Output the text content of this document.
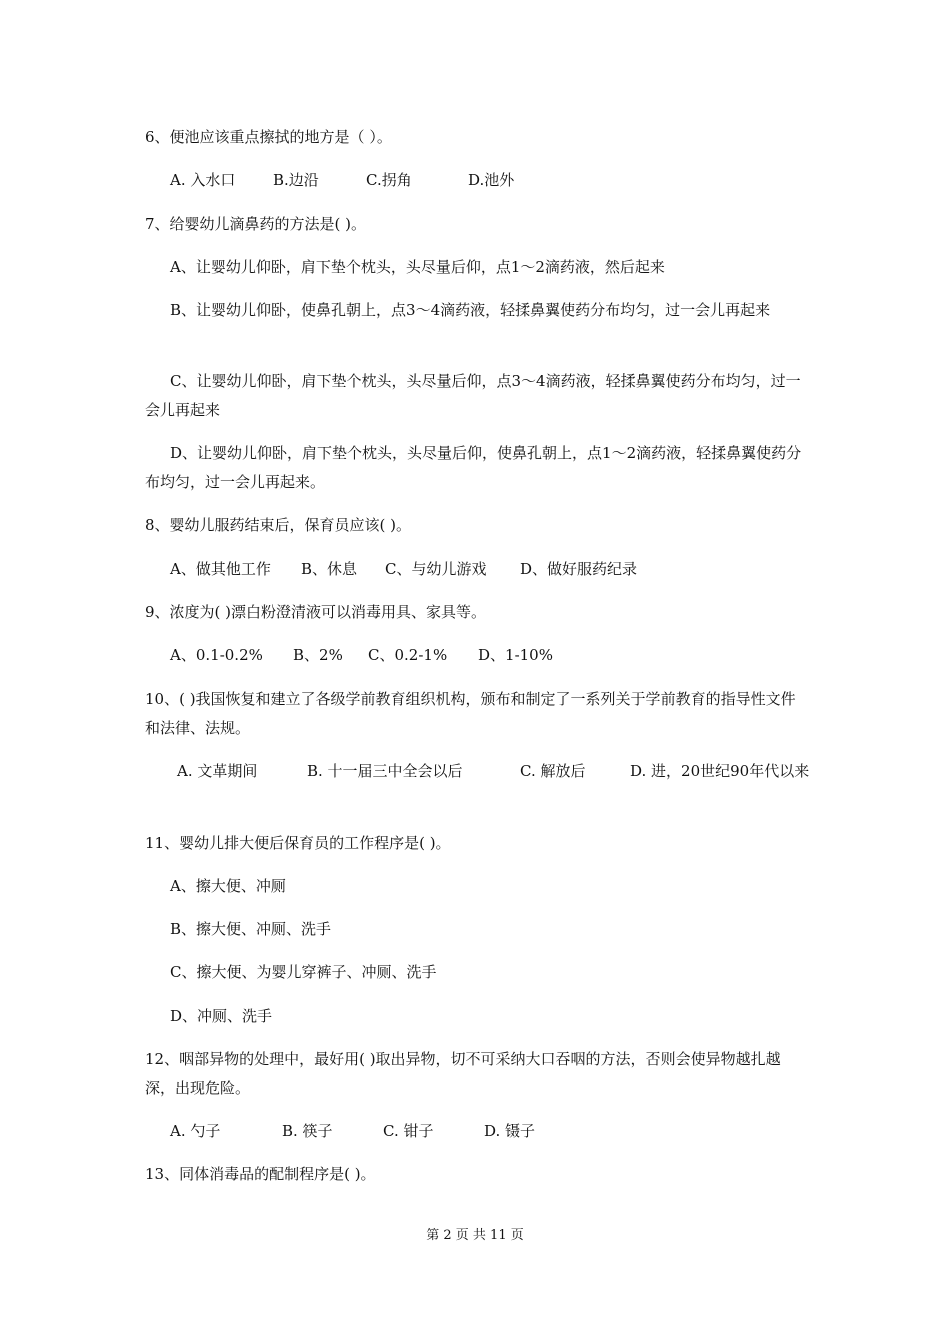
6、便池应该重点擦拭的地方是（ ）。
A. 入水口	B.边沿	C.拐角	D.池外
7、给婴幼儿滴鼻药的方法是( )。
A、让婴幼儿仰卧，肩下垫个枕头，头尽量后仰，点1～2滴药液，然后起来
B、让婴幼儿仰卧，使鼻孔朝上，点3～4滴药液，轻揉鼻翼使药分布均匀，过一会儿再起来
C、让婴幼儿仰卧，肩下垫个枕头，头尽量后仰，点3～4滴药液，轻揉鼻翼使药分布均匀，过一会儿再起来
D、让婴幼儿仰卧，肩下垫个枕头，头尽量后仰，使鼻孔朝上，点1～2滴药液，轻揉鼻翼使药分布均匀，过一会儿再起来。
8、婴幼儿服药结束后，保育员应该( )。
A、做其他工作 B、休息 C、与幼儿游戏 D、做好服药纪录
9、浓度为( )漂白粉澄清液可以消毒用具、家具等。
A、0.1-0.2% B、2% C、0.2-1% D、1-10%
10、( )我国恢复和建立了各级学前教育组织机构，颁布和制定了一系列关于学前教育的指导性文件和法律、法规。
A. 文革期间	B. 十一届三中全会以后	C. 解放后	D. 进，20世纪90年代以来
11、婴幼儿排大便后保育员的工作程序是( )。
A、擦大便、冲厕
B、擦大便、冲厕、洗手
C、擦大便、为婴儿穿裤子、冲厕、洗手
D、冲厕、洗手
12、咽部异物的处理中，最好用( )取出异物，切不可采纳大口吞咽的方法，否则会使异物越扎越深，出现危险。
A. 勺子	B. 筷子	C. 钳子	D. 镊子
13、同体消毒品的配制程序是( )。
第 2 页 共 11 页
